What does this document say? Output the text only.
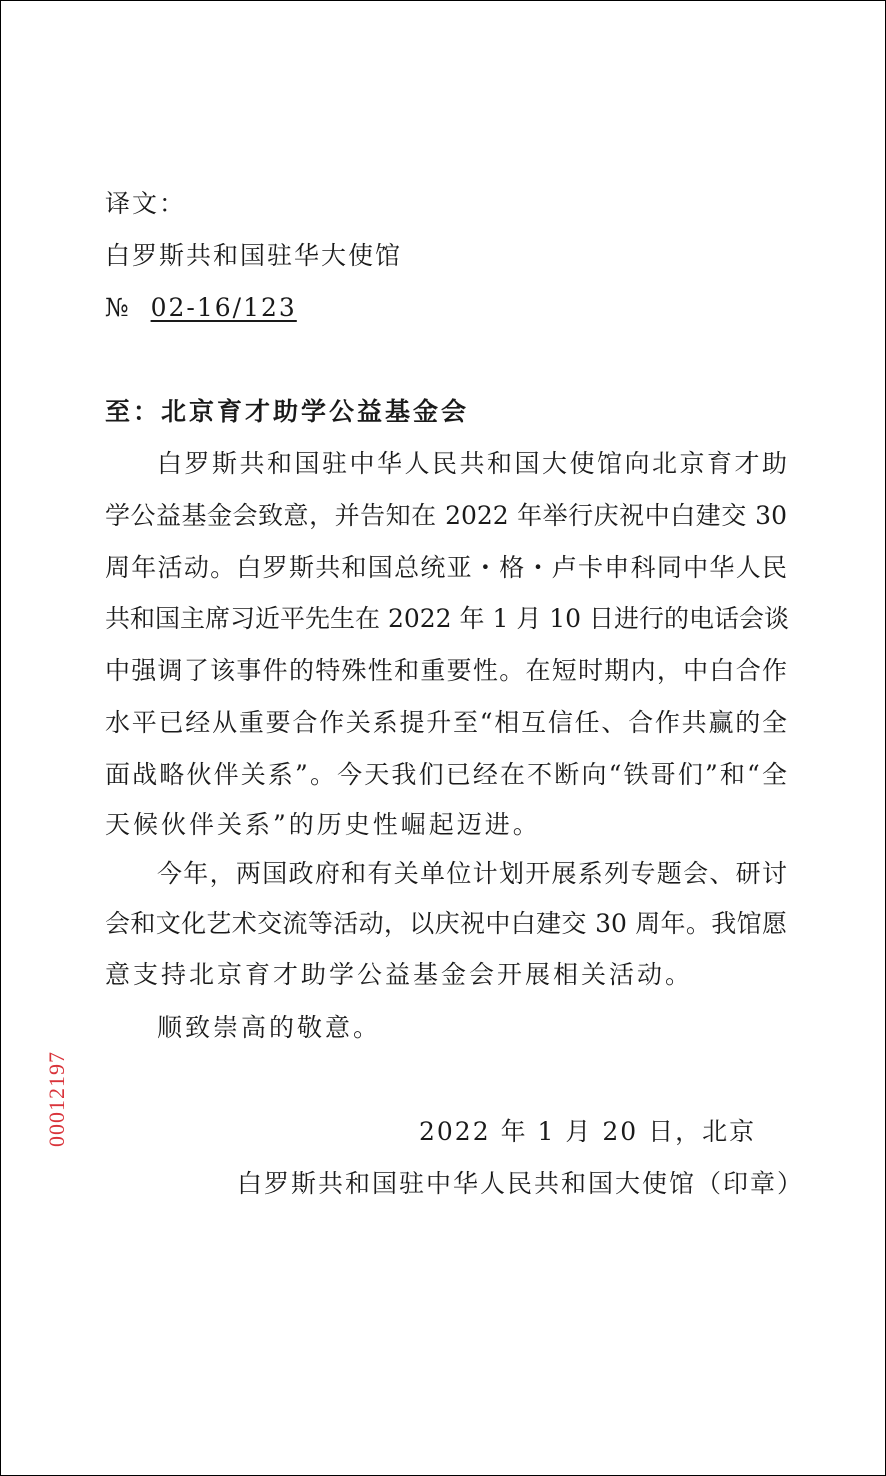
译文：
白罗斯共和国驻华大使馆
№ 02-16/123
至：北京育才助学公益基金会
白罗斯共和国驻中华人民共和国大使馆向北京育才助
学公益基金会致意，并告知在 2022 年举行庆祝中白建交 30
周年活动。白罗斯共和国总统亚・格・卢卡申科同中华人民
共和国主席习近平先生在 2022 年 1 月 10 日进行的电话会谈
中强调了该事件的特殊性和重要性。在短时期内，中白合作
水平已经从重要合作关系提升至“相互信任、合作共赢的全
面战略伙伴关系”。今天我们已经在不断向“铁哥们”和“全
天候伙伴关系”的历史性崛起迈进。
今年，两国政府和有关单位计划开展系列专题会、研讨
会和文化艺术交流等活动，以庆祝中白建交 30 周年。我馆愿
意支持北京育才助学公益基金会开展相关活动。
顺致崇高的敬意。
2022 年 1 月 20 日，北京
白罗斯共和国驻中华人民共和国大使馆（印章）
00012197
